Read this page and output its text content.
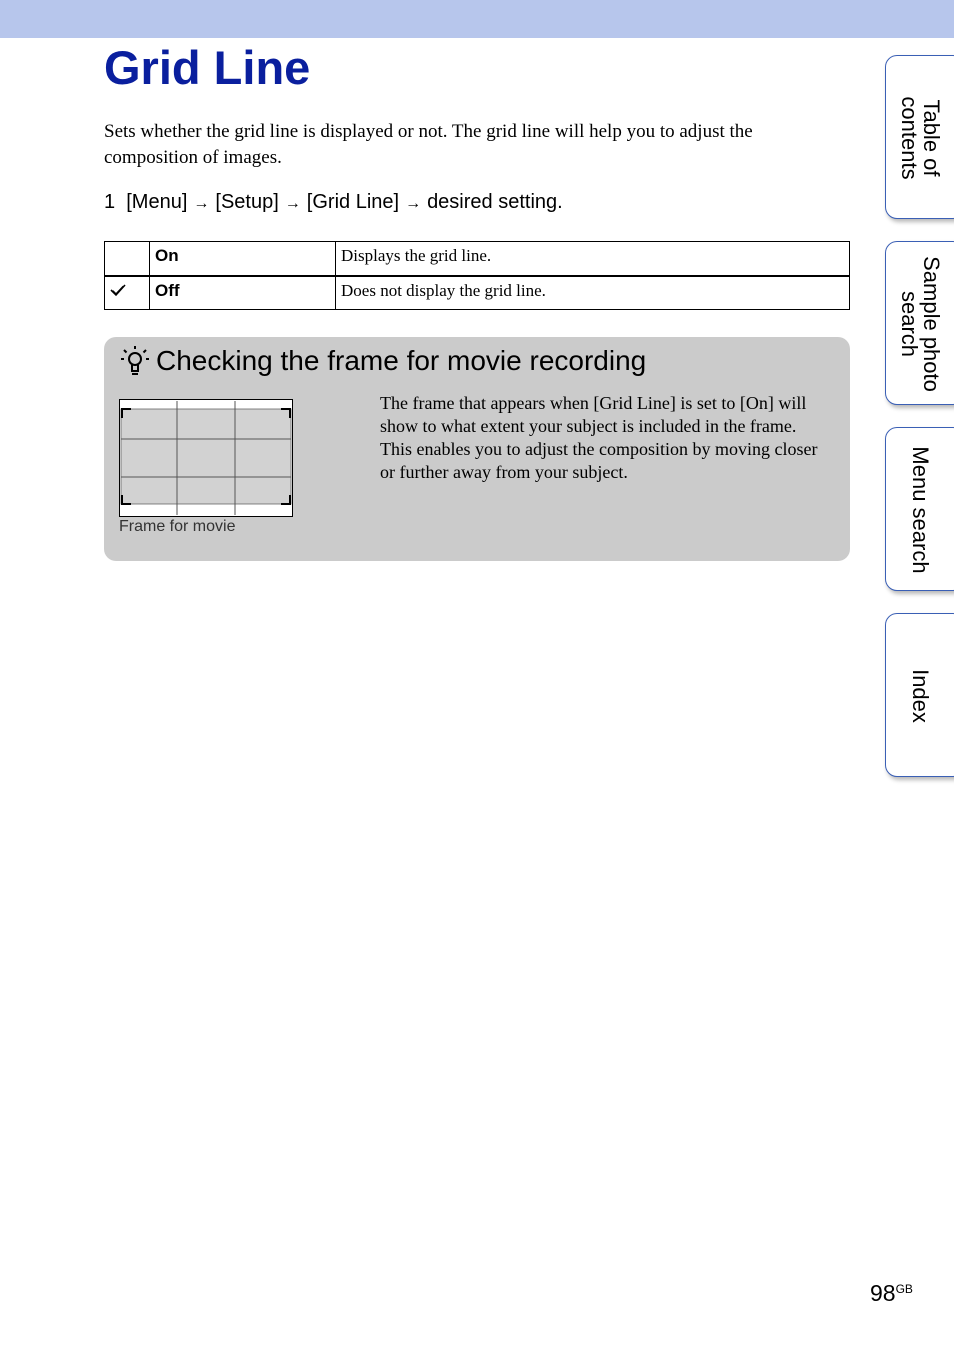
Grid Line

Sets whether the grid line is displayed or not. The grid line will help you to adjust the composition of images.

1 [Menu] → [Setup] → [Grid Line] → desired setting.

	On	Displays the grid line.
	Off	Does not display the grid line.
Checking the frame for movie recording
Frame for movie

The frame that appears when [Grid Line] is set to [On] will show to what extent your subject is included in the frame. This enables you to adjust the composition by moving closer or further away from your subject.

Table of
contents
Sample photo
search
Menu search
Index
$98^{GB}$
